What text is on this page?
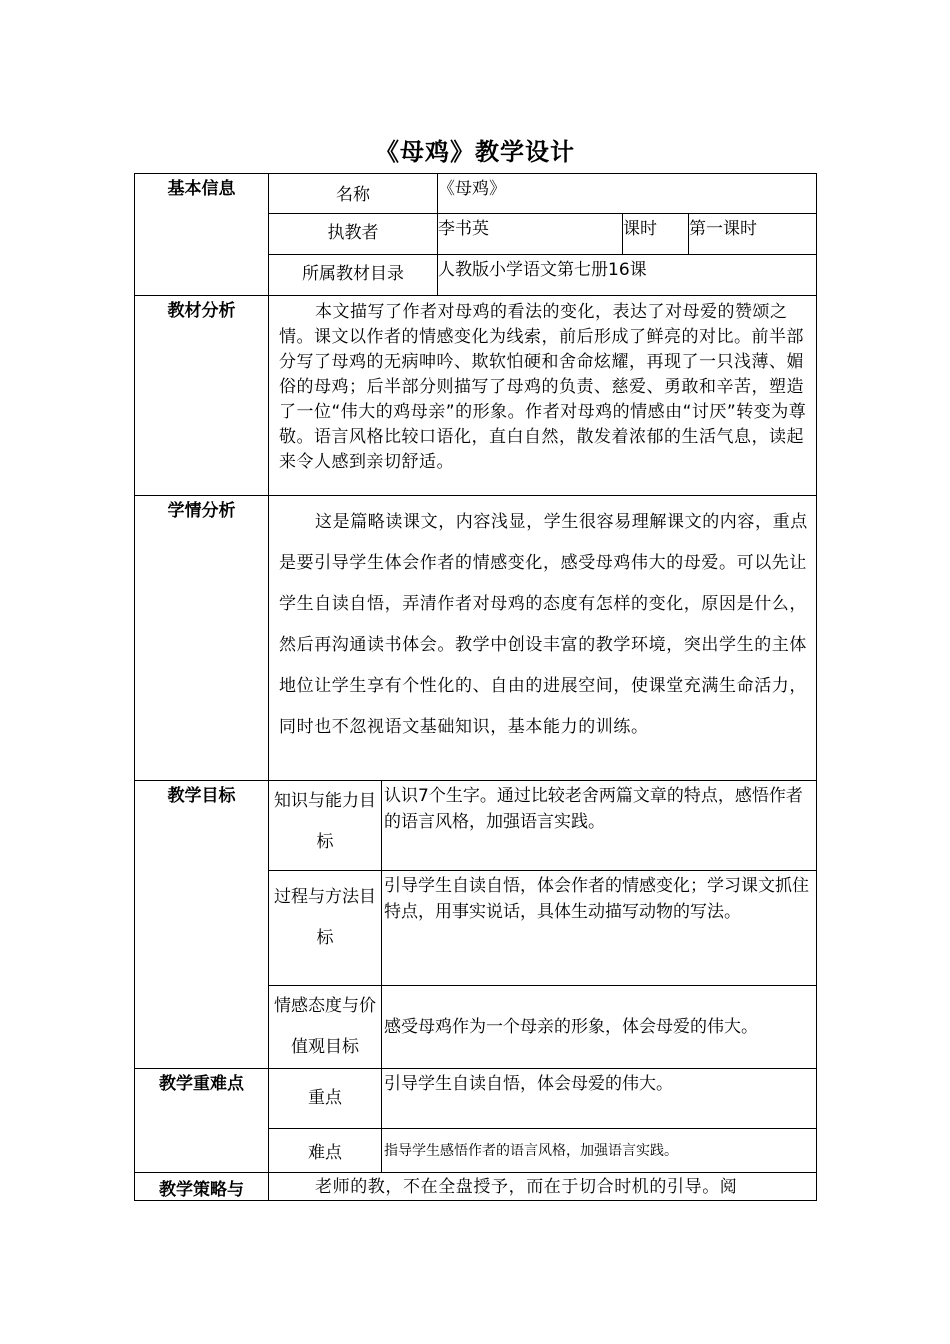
《母鸡》教学设计
基本信息	名称		《母鸡》		
	执教者		李书英	课时	第一课时
	所属教材目录		人教版小学语文第七册16课		
教材分析	本文描写了作者对母鸡的看法的变化，表达了对母爱的赞颂之情。课文以作者的情感变化为线索，前后形成了鲜亮的对比。前半部分写了母鸡的无病呻吟、欺软怕硬和舍命炫耀，再现了一只浅薄、媚俗的母鸡；后半部分则描写了母鸡的负责、慈爱、勇敢和辛苦，塑造了一位“伟大的鸡母亲”的形象。作者对母鸡的情感由“讨厌”转变为尊敬。语言风格比较口语化，直白自然，散发着浓郁的生活气息，读起来令人感到亲切舒适。				

学情分析	这是篇略读课文，内容浅显，学生很容易理解课文的内容，重点是要引导学生体会作者的情感变化，感受母鸡伟大的母爱。可以先让学生自读自悟，弄清作者对母鸡的态度有怎样的变化，原因是什么，然后再沟通读书体会。教学中创设丰富的教学环境，突出学生的主体地位让学生享有个性化的、自由的进展空间，使课堂充满生命活力，同时也不忽视语文基础知识，基本能力的训练。				

教学目标	知识与能力目标	认识7个生字。通过比较老舍两篇文章的特点，感悟作者的语言风格，加强语言实践。			

	过程与方法目标	引导学生自读自悟，体会作者的情感变化；学习课文抓住特点，用事实说话，具体生动描写动物的写法。			

	情感态度与价值观目标	感受母鸡作为一个母亲的形象，体会母爱的伟大。			

教学重难点	重点	引导学生自读自悟，体会母爱的伟大。			

	难点	指导学生感悟作者的语言风格，加强语言实践。			

教学策略与	老师的教，不在全盘授予，而在于切合时机的引导。阅				
